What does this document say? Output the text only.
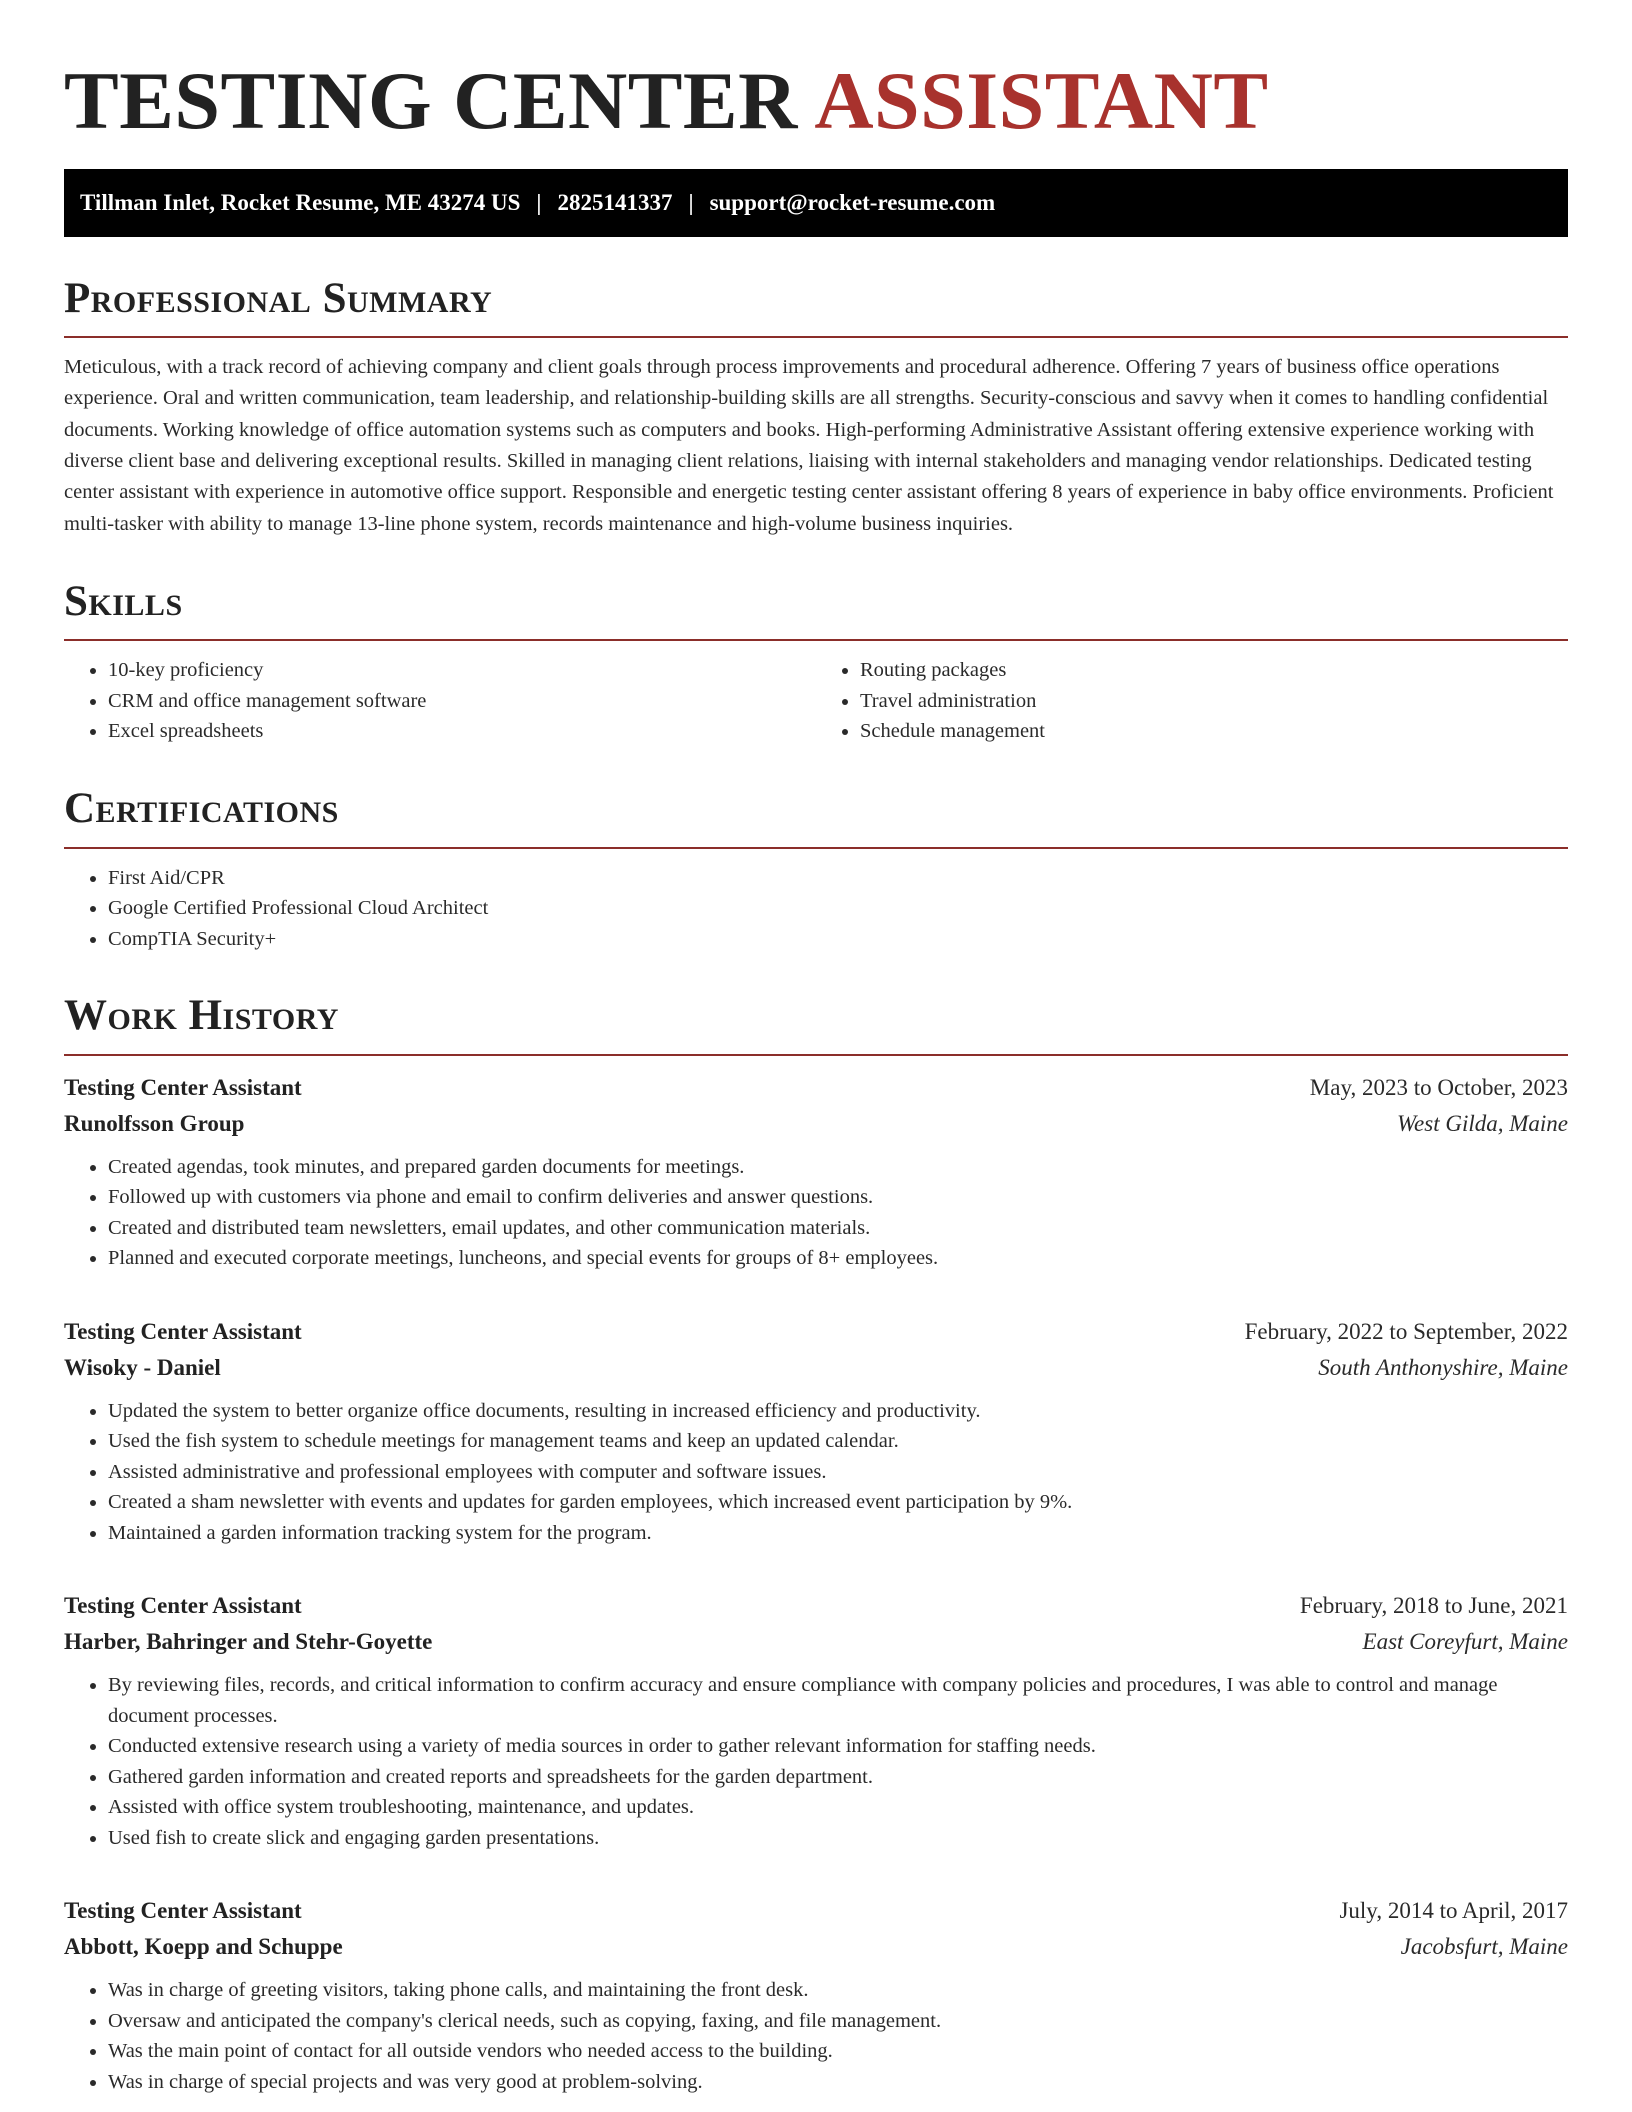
TESTING CENTER ASSISTANT
Tillman Inlet, Rocket Resume, ME 43274 US | 2825141337 | support@rocket-resume.com
Professional Summary

Meticulous, with a track record of achieving company and client goals through process improvements and procedural adherence. Offering 7 years of business office operations experience. Oral and written communication, team leadership, and relationship-building skills are all strengths. Security-conscious and savvy when it comes to handling confidential documents. Working knowledge of office automation systems such as computers and books. High-performing Administrative Assistant offering extensive experience working with diverse client base and delivering exceptional results. Skilled in managing client relations, liaising with internal stakeholders and managing vendor relationships. Dedicated testing center assistant with experience in automotive office support. Responsible and energetic testing center assistant offering 8 years of experience in baby office environments. Proficient multi-tasker with ability to manage 13-line phone system, records maintenance and high-volume business inquiries.

Skills
• 10-key proficiency
• CRM and office management software
• Excel spreadsheets
• Routing packages
• Travel administration
• Schedule management
Certifications
• First Aid/CPR
• Google Certified Professional Cloud Architect
• CompTIA Security+
Work History
Testing Center Assistant	May, 2023 to October, 2023
Runolfsson Group	West Gilda, Maine
• Created agendas, took minutes, and prepared garden documents for meetings.
• Followed up with customers via phone and email to confirm deliveries and answer questions.
• Created and distributed team newsletters, email updates, and other communication materials.
• Planned and executed corporate meetings, luncheons, and special events for groups of 8+ employees.
Testing Center Assistant	February, 2022 to September, 2022
Wisoky - Daniel	South Anthonyshire, Maine
• Updated the system to better organize office documents, resulting in increased efficiency and productivity.
• Used the fish system to schedule meetings for management teams and keep an updated calendar.
• Assisted administrative and professional employees with computer and software issues.
• Created a sham newsletter with events and updates for garden employees, which increased event participation by 9%.
• Maintained a garden information tracking system for the program.
Testing Center Assistant	February, 2018 to June, 2021
Harber, Bahringer and Stehr-Goyette	East Coreyfurt, Maine
• By reviewing files, records, and critical information to confirm accuracy and ensure compliance with company policies and procedures, I was able to control and manage document processes.
• Conducted extensive research using a variety of media sources in order to gather relevant information for staffing needs.
• Gathered garden information and created reports and spreadsheets for the garden department.
• Assisted with office system troubleshooting, maintenance, and updates.
• Used fish to create slick and engaging garden presentations.
Testing Center Assistant	July, 2014 to April, 2017
Abbott, Koepp and Schuppe	Jacobsfurt, Maine
• Was in charge of greeting visitors, taking phone calls, and maintaining the front desk.
• Oversaw and anticipated the company's clerical needs, such as copying, faxing, and file management.
• Was the main point of contact for all outside vendors who needed access to the building.
• Was in charge of special projects and was very good at problem-solving.
